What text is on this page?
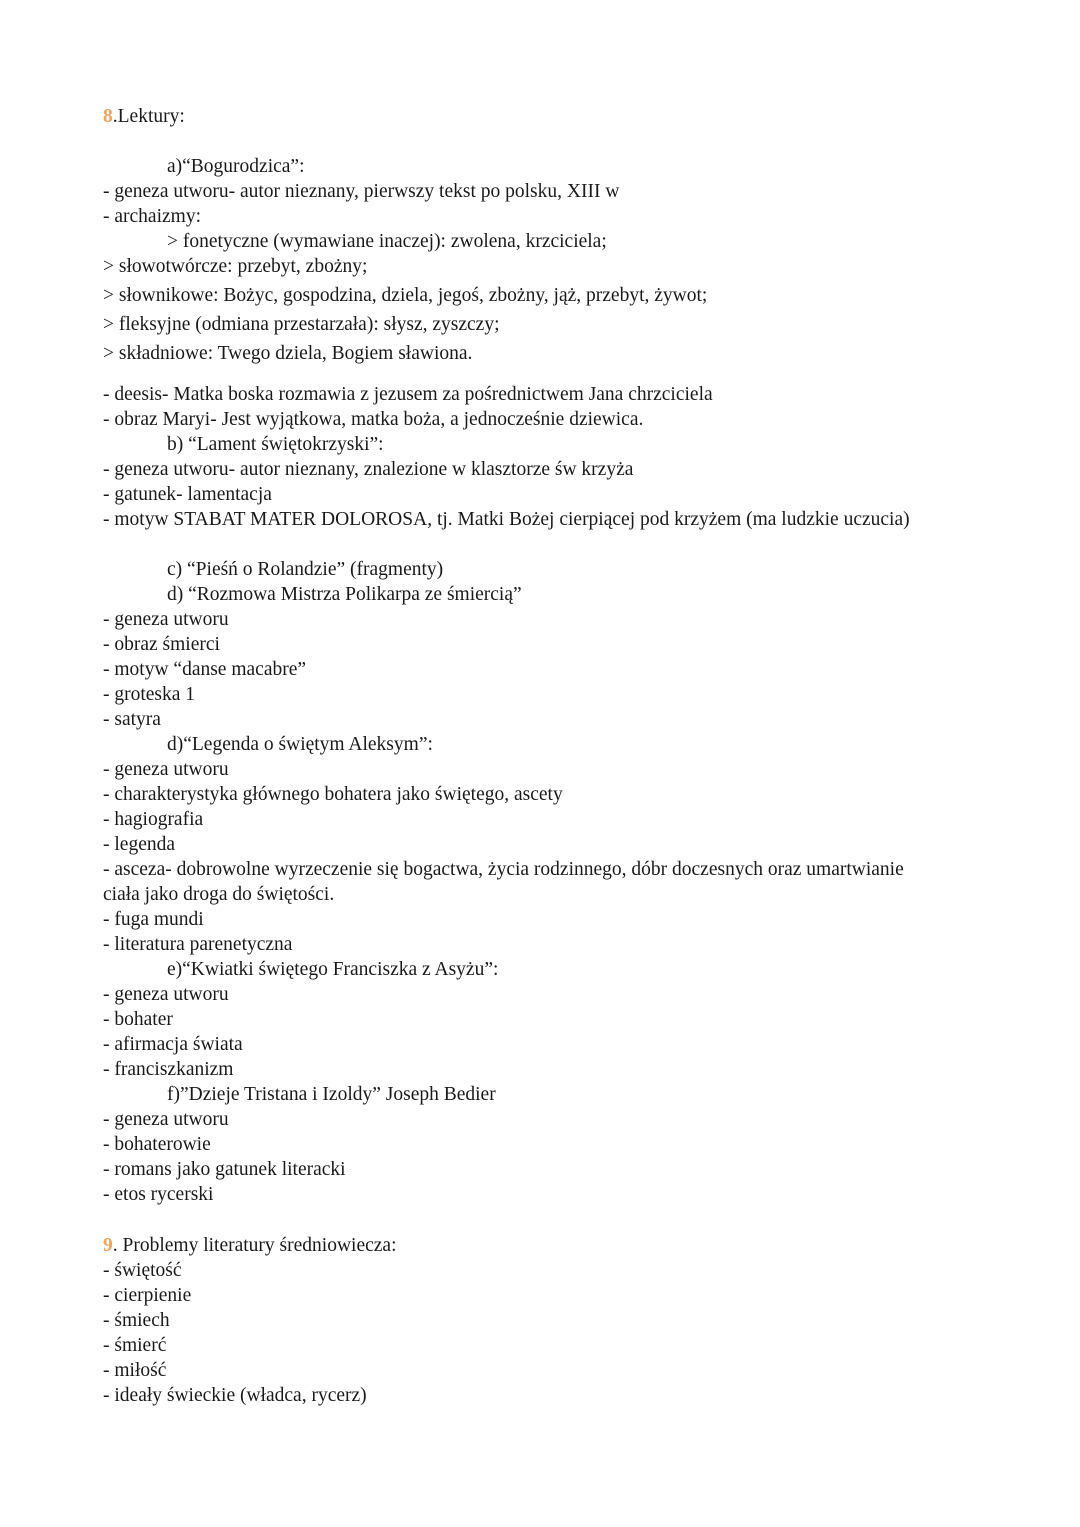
8.Lektury:
a)“Bogurodzica”:
- geneza utworu- autor nieznany, pierwszy tekst po polsku, XIII w
- archaizmy:
> fonetyczne (wymawiane inaczej): zwolena, krzciciela;
> słowotwórcze: przebyt, zbożny;
> słownikowe: Bożyc, gospodzina, dziela, jegoś, zbożny, jąż, przebyt, żywot;
> fleksyjne (odmiana przestarzała): słysz, zyszczy;
> składniowe: Twego dziela, Bogiem sławiona.
- deesis- Matka boska rozmawia z jezusem za pośrednictwem Jana chrzciciela
- obraz Maryi- Jest wyjątkowa, matka boża, a jednocześnie dziewica.
b) “Lament świętokrzyski”:
- geneza utworu- autor nieznany, znalezione w klasztorze św krzyża
- gatunek- lamentacja
- motyw STABAT MATER DOLOROSA, tj. Matki Bożej cierpiącej pod krzyżem (ma ludzkie uczucia)
c) “Pieśń o Rolandzie” (fragmenty)
d) “Rozmowa Mistrza Polikarpa ze śmiercią”
- geneza utworu
- obraz śmierci
- motyw “danse macabre”
- groteska 1
- satyra
d)“Legenda o świętym Aleksym”:
- geneza utworu
- charakterystyka głównego bohatera jako świętego, ascety
- hagiografia
- legenda
- asceza- dobrowolne wyrzeczenie się bogactwa, życia rodzinnego, dóbr doczesnych oraz umartwianie ciała jako droga do świętości.
- fuga mundi
- literatura parenetyczna
e)“Kwiatki świętego Franciszka z Asyżu”:
- geneza utworu
- bohater
- afirmacja świata
- franciszkanizm
f)”Dzieje Tristana i Izoldy” Joseph Bedier
- geneza utworu
- bohaterowie
- romans jako gatunek literacki
- etos rycerski
9. Problemy literatury średniowiecza:
- świętość
- cierpienie
- śmiech
- śmierć
- miłość
- ideały świeckie (władca, rycerz)
